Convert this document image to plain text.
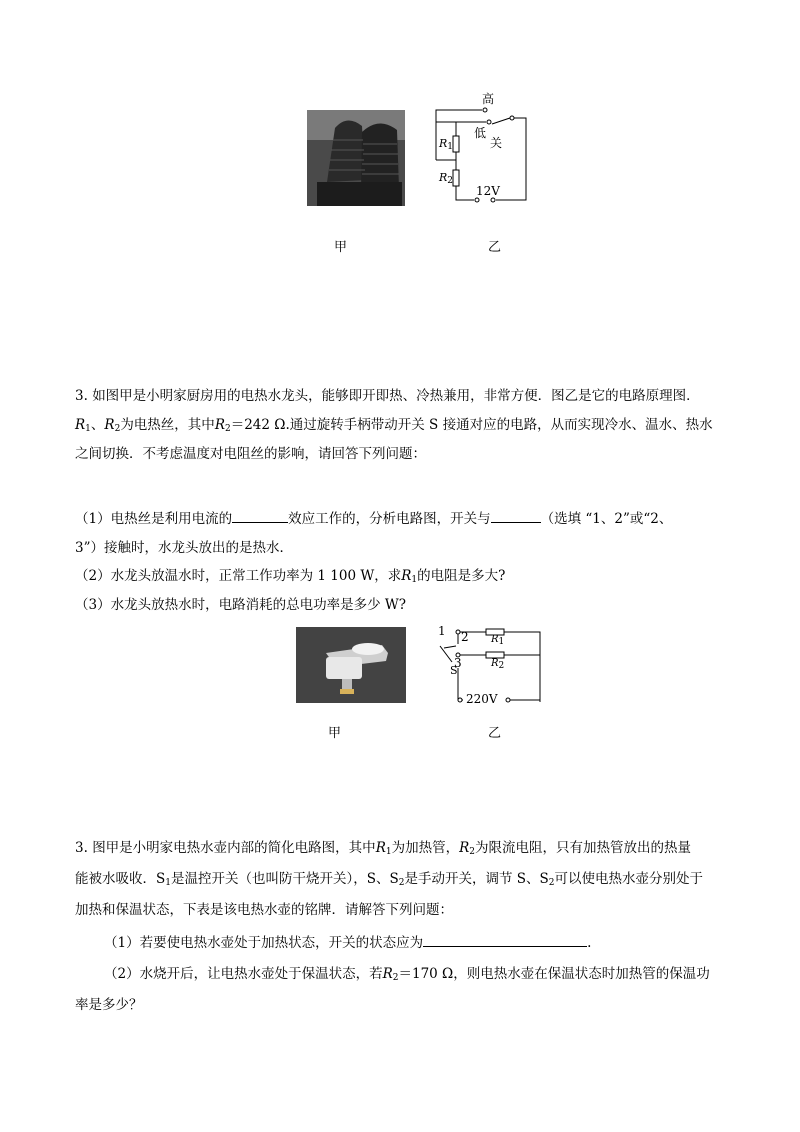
高
低
关
$R_1$
$R_2$
12V
甲	乙
3. 如图甲是小明家厨房用的电热水龙头，能够即开即热、冷热兼用，非常方便．图乙是它的电路原理图．
$R_1$、$R_2$为电热丝，其中$R_2=242$ Ω.通过旋转手柄带动开关 S 接通对应的电路，从而实现冷水、温水、热水
之间切换．不考虑温度对电阻丝的影响，请回答下列问题：
（1）电热丝是利用电流的	效应工作的，分析电路图，开关与	（选填 “1、2”或“2、
3”）接触时，水龙头放出的是热水．
（2）水龙头放温水时，正常工作功率为 1 100 W，求$R_1$的电阻是多大?
（3）水龙头放热水时，电路消耗的总电功率是多少 W?
1 2
3
S
$R_1$
$R_2$
220V
甲	乙
3. 图甲是小明家电热水壶内部的简化电路图，其中$R_1$为加热管，$R_2$为限流电阻，只有加热管放出的热量
能被水吸收．$S_1$是温控开关（也叫防干烧开关），S、$S_2$是手动开关，调节 S、$S_2$可以使电热水壶分别处于
加热和保温状态，下表是该电热水壶的铭牌．请解答下列问题：
（1）若要使电热水壶处于加热状态，开关的状态应为	.
（2）水烧开后，让电热水壶处于保温状态，若$R_2=170$ Ω，则电热水壶在保温状态时加热管的保温功
率是多少？
